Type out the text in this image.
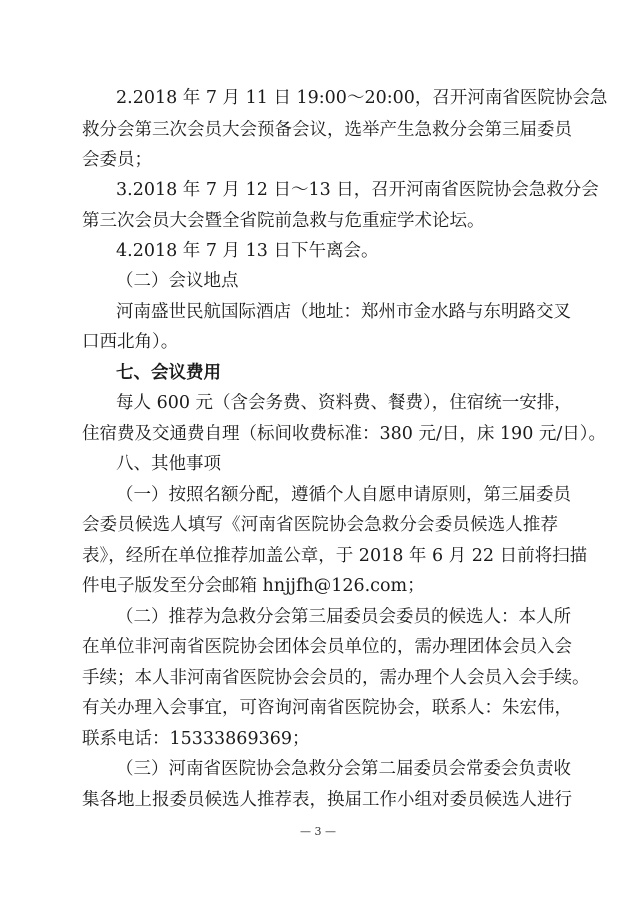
2.2018 年 7 月 11 日 19:00～20:00，召开河南省医院协会急
救分会第三次会员大会预备会议，选举产生急救分会第三届委员
会委员；
3.2018 年 7 月 12 日～13 日，召开河南省医院协会急救分会
第三次会员大会暨全省院前急救与危重症学术论坛。
4.2018 年 7 月 13 日下午离会。
（二）会议地点
河南盛世民航国际酒店（地址：郑州市金水路与东明路交叉
口西北角）。
七、会议费用
每人 600 元（含会务费、资料费、餐费），住宿统一安排，
住宿费及交通费自理（标间收费标准：380 元/日，床 190 元/日）。
八、其他事项
（一）按照名额分配，遵循个人自愿申请原则，第三届委员
会委员候选人填写《河南省医院协会急救分会委员候选人推荐
表》，经所在单位推荐加盖公章，于 2018 年 6 月 22 日前将扫描
件电子版发至分会邮箱 hnjjfh@126.com；
（二）推荐为急救分会第三届委员会委员的候选人：本人所
在单位非河南省医院协会团体会员单位的，需办理团体会员入会
手续；本人非河南省医院协会会员的，需办理个人会员入会手续。
有关办理入会事宜，可咨询河南省医院协会，联系人：朱宏伟，
联系电话：15333869369；
（三）河南省医院协会急救分会第二届委员会常委会负责收
集各地上报委员候选人推荐表，换届工作小组对委员候选人进行
— 3 —
